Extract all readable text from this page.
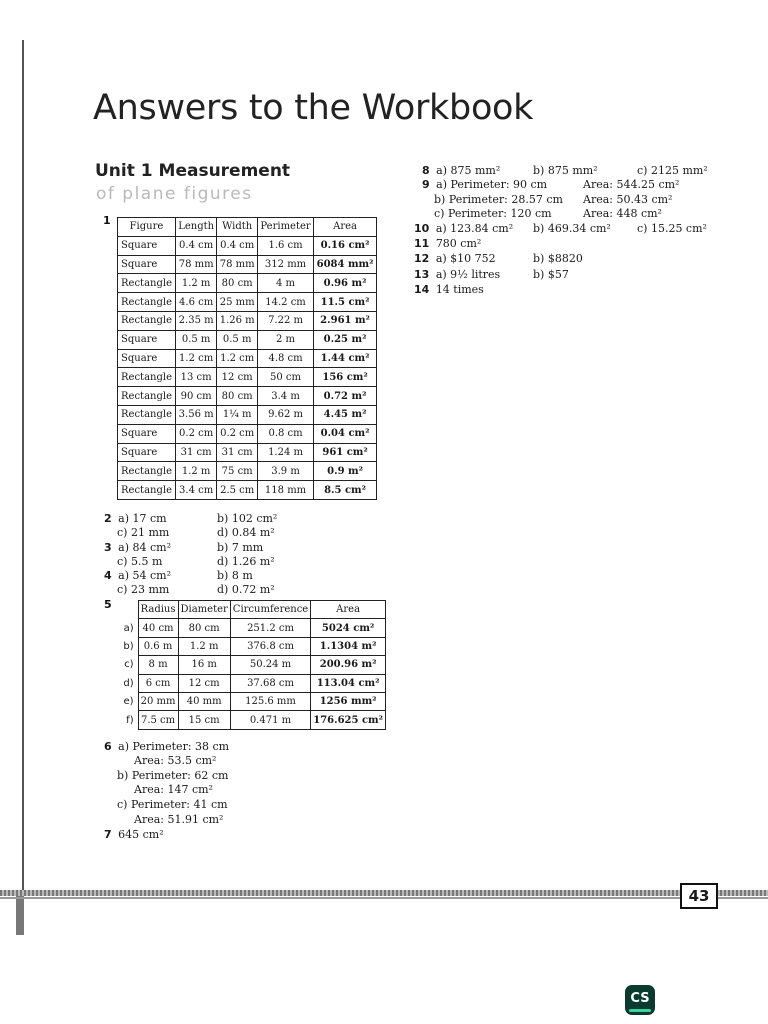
Answers to the Workbook
Unit 1 Measurement
of plane figures
1 Figure	Length	Width	Perimeter	Area
Square	0.4 cm	0.4 cm	1.6 cm	0.16 cm²
Square	78 mm	78 mm	312 mm	6084 mm²
Rectangle	1.2 m	80 cm	4 m	0.96 m²
Rectangle	4.6 cm	25 mm	14.2 cm	11.5 cm²
Rectangle	2.35 m	1.26 m	7.22 m	2.961 m²
Square	0.5 m	0.5 m	2 m	0.25 m²
Square	1.2 cm	1.2 cm	4.8 cm	1.44 cm²
Rectangle	13 cm	12 cm	50 cm	156 cm²
Rectangle	90 cm	80 cm	3.4 m	0.72 m²
Rectangle	3.56 m	1¼ m	9.62 m	4.45 m²
Square	0.2 cm	0.2 cm	0.8 cm	0.04 cm²
Square	31 cm	31 cm	1.24 m	961 cm²
Rectangle	1.2 m	75 cm	3.9 m	0.9 m²
Rectangle	3.4 cm	2.5 cm	118 mm	8.5 cm²
2 a) 17 cm	b) 102 cm²
c) 21 mm	d) 0.84 m²
3 a) 84 cm²	b) 7 mm
c) 5.5 m	d) 1.26 m²
4 a) 54 cm²	b) 8 m
c) 23 mm	d) 0.72 m²
5
		Radius	Diameter	Circumference	Area
a)	40 cm	80 cm	251.2 cm	5024 cm²
b)	0.6 m	1.2 m	376.8 cm	1.1304 m²
c)	8 m	16 m	50.24 m	200.96 m²
d)	6 cm	12 cm	37.68 cm	113.04 cm²
e)	20 mm	40 mm	125.6 mm	1256 mm²
f)	7.5 cm	15 cm	0.471 m	176.625 cm²
6 a) Perimeter: 38 cm
Area: 53.5 cm²
b) Perimeter: 62 cm
Area: 147 cm²
c) Perimeter: 41 cm
Area: 51.91 cm²
7 645 cm²
8 a) 875 mm²	b) 875 mm²	c) 2125 mm²
9 a) Perimeter: 90 cm	Area: 544.25 cm²
b) Perimeter: 28.57 cm Area: 50.43 cm²
c) Perimeter: 120 cm	Area: 448 cm²
10 a) 123.84 cm² b) 469.34 cm² c) 15.25 cm²
11 780 cm²
12 a) $10 752	b) $8820
13 a) 9½ litres	b) $57
14 14 times
43
CS
